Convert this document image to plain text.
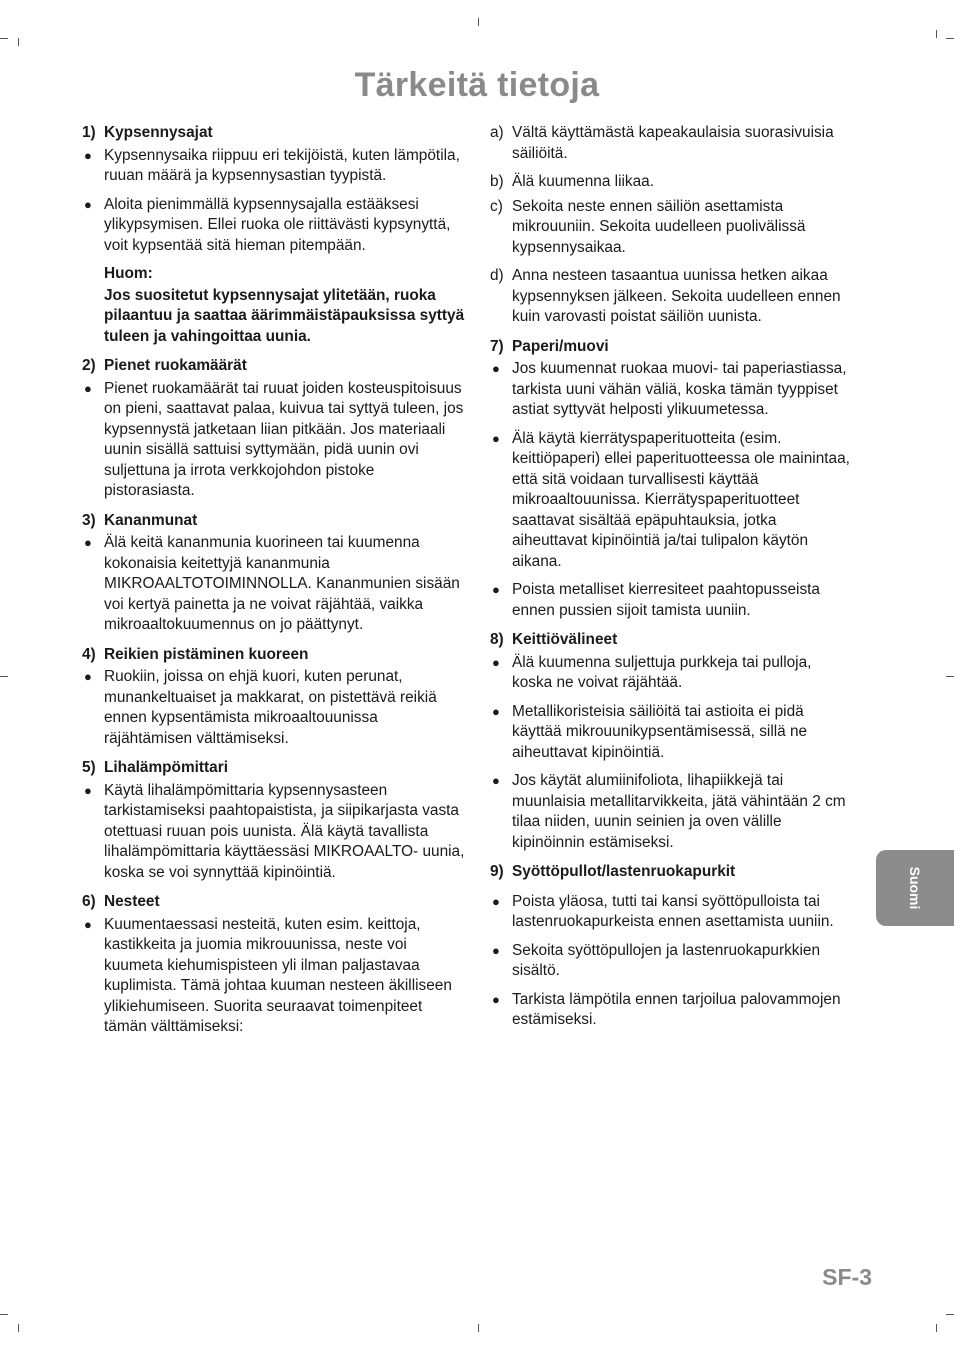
Tärkeitä tietoja
1) Kypsennysajat
● Kypsennysaika riippuu eri tekijöistä, kuten lämpötila, ruuan määrä ja kypsennysastian tyypistä.
● Aloita pienimmällä kypsennysajalla estääksesi ylikypsymisen. Ellei ruoka ole riittävästi kypsynyttä, voit kypsentää sitä hieman pitempään.
Huom:
Jos suositetut kypsennysajat ylitetään, ruoka pilaantuu ja saattaa äärimmäistäpauksissa syttyä tuleen ja vahingoittaa uunia.
2) Pienet ruokamäärät
● Pienet ruokamäärät tai ruuat joiden kosteuspitoisuus on pieni, saattavat palaa, kuivua tai syttyä tuleen, jos kypsennystä jatketaan liian pitkään. Jos materiaali uunin sisällä sattuisi syttymään, pidä uunin ovi suljettuna ja irrota verkkojohdon pistoke pistorasiasta.
3) Kananmunat
● Älä keitä kananmunia kuorineen tai kuumenna kokonaisia keitettyjä kananmunia MIKROAALTOTOIMINNOLLA. Kananmunien sisään voi kertyä painetta ja ne voivat räjähtää, vaikka mikroaaltokuumennus on jo päättynyt.
4) Reikien pistäminen kuoreen
● Ruokiin, joissa on ehjä kuori, kuten perunat, munankeltuaiset ja makkarat, on pistettävä reikiä ennen kypsentämista mikroaaltouunissa räjähtämisen välttämiseksi.
5) Lihalämpömittari
● Käytä lihalämpömittaria kypsennysasteen tarkistamiseksi paahtopaistista, ja siipikarjasta vasta otettuasi ruuan pois uunista. Älä käytä tavallista lihalämpömittaria käyttäessäsi MIKROAALTO- uunia, koska se voi synnyttää kipinöintiä.
6) Nesteet
● Kuumentaessasi nesteitä, kuten esim. keittoja, kastikkeita ja juomia mikrouunissa, neste voi kuumeta kiehumispisteen yli ilman paljastavaa kuplimista. Tämä johtaa kuuman nesteen äkilliseen ylikiehumiseen. Suorita seuraavat toimenpiteet tämän välttämiseksi:
a) Vältä käyttämästä kapeakaulaisia suorasivuisia säiliöitä.
b) Älä kuumenna liikaa.
c) Sekoita neste ennen säiliön asettamista mikrouuniin. Sekoita uudelleen puolivälissä kypsennysaikaa.
d) Anna nesteen tasaantua uunissa hetken aikaa kypsennyksen jälkeen. Sekoita uudelleen ennen kuin varovasti poistat säiliön uunista.
7) Paperi/muovi
● Jos kuumennat ruokaa muovi- tai paperiastiassa, tarkista uuni vähän väliä, koska tämän tyyppiset astiat syttyvät helposti ylikuumetessa.
● Älä käytä kierrätyspaperituotteita (esim. keittiöpaperi) ellei paperituotteessa ole mainintaa, että sitä voidaan turvallisesti käyttää mikroaaltouunissa. Kierrätyspaperituotteet saattavat sisältää epäpuhtauksia, jotka aiheuttavat kipinöintiä ja/tai tulipalon käytön aikana.
● Poista metalliset kierresiteet paahtopusseista ennen pussien sijoit tamista uuniin.
8) Keittiövälineet
● Älä kuumenna suljettuja purkkeja tai pulloja, koska ne voivat räjähtää.
● Metallikoristeisia säiliöitä tai astioita ei pidä käyttää mikrouunikypsentämisessä, sillä ne aiheuttavat kipinöintiä.
● Jos käytät alumiinifoliota, lihapiikkejä tai muunlaisia metallitarvikkeita, jätä vähintään 2 cm tilaa niiden, uunin seinien ja oven välille kipinöinnin estämiseksi.
9) Syöttöpullot/lastenruokapurkit
● Poista yläosa, tutti tai kansi syöttöpulloista tai lastenruokapurkeista ennen asettamista uuniin.
● Sekoita syöttöpullojen ja lastenruokapurkkien sisältö.
● Tarkista lämpötila ennen tarjoilua palovammojen estämiseksi.
Suomi
SF-3
